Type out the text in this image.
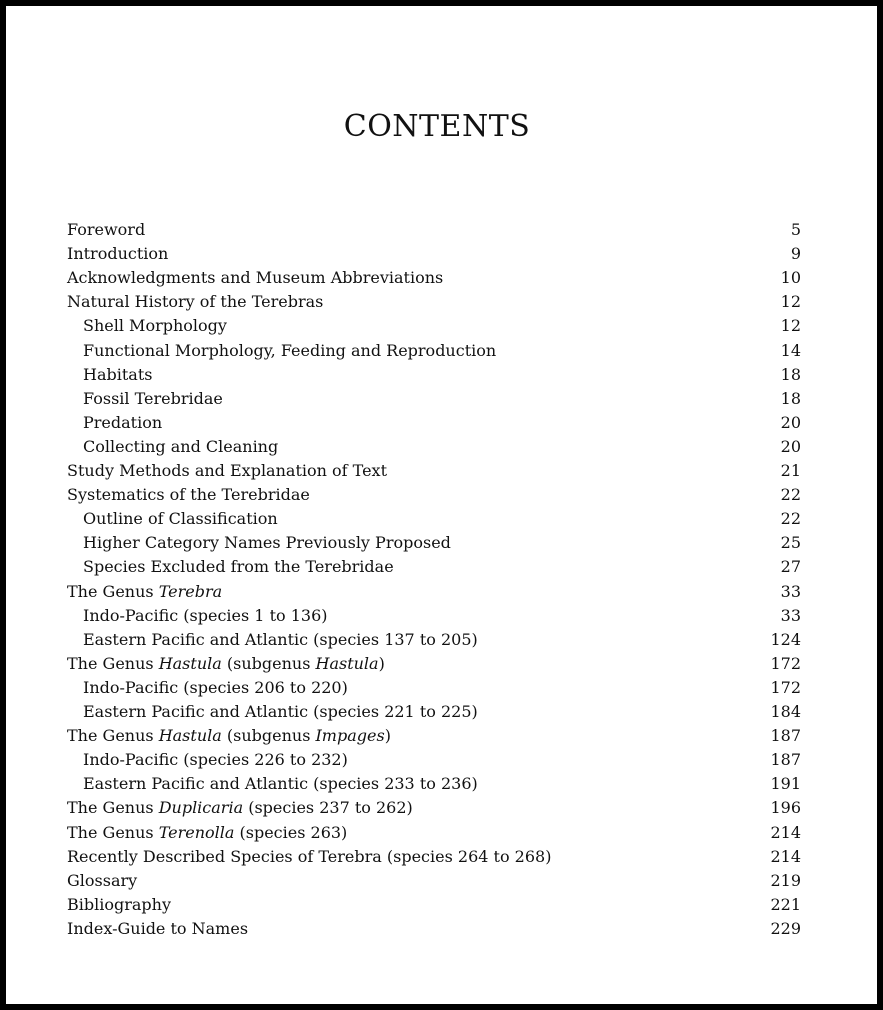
CONTENTS
Foreword	5
Introduction	9
Acknowledgments and Museum Abbreviations	10
Natural History of the Terebras	12
Shell Morphology	12
Functional Morphology, Feeding and Reproduction	14
Habitats	18
Fossil Terebridae	18
Predation	20
Collecting and Cleaning	20
Study Methods and Explanation of Text	21
Systematics of the Terebridae	22
Outline of Classification	22
Higher Category Names Previously Proposed	25
Species Excluded from the Terebridae	27
The Genus Terebra	33
Indo-Pacific (species 1 to 136)	33
Eastern Pacific and Atlantic (species 137 to 205)	124
The Genus Hastula (subgenus Hastula)	172
Indo-Pacific (species 206 to 220)	172
Eastern Pacific and Atlantic (species 221 to 225)	184
The Genus Hastula (subgenus Impages)	187
Indo-Pacific (species 226 to 232)	187
Eastern Pacific and Atlantic (species 233 to 236)	191
The Genus Duplicaria (species 237 to 262)	196
The Genus Terenolla (species 263)	214
Recently Described Species of Terebra (species 264 to 268)	214
Glossary	219
Bibliography	221
Index-Guide to Names	229
